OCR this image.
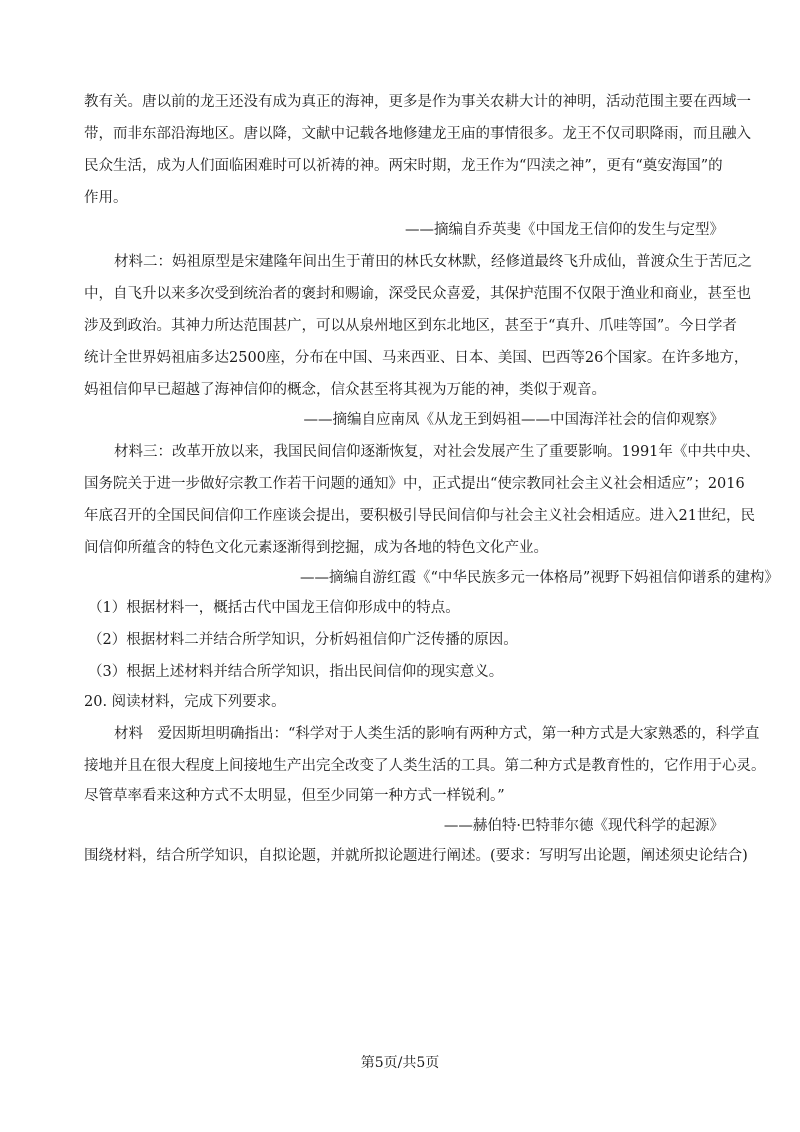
教有关。唐以前的龙王还没有成为真正的海神，更多是作为事关农耕大计的神明，活动范围主要在西域一
带，而非东部沿海地区。唐以降，文献中记载各地修建龙王庙的事情很多。龙王不仅司职降雨，而且融入
民众生活，成为人们面临困难时可以祈祷的神。两宋时期，龙王作为“四渎之神”，更有“奠安海国”的
作用。
——摘编自乔英斐《中国龙王信仰的发生与定型》
材料二：妈祖原型是宋建隆年间出生于莆田的林氏女林默，经修道最终飞升成仙，普渡众生于苦厄之
中，自飞升以来多次受到统治者的褒封和赐谕，深受民众喜爱，其保护范围不仅限于渔业和商业，甚至也
涉及到政治。其神力所达范围甚广，可以从泉州地区到东北地区，甚至于“真升、爪哇等国”。今日学者
统计全世界妈祖庙多达2500座，分布在中国、马来西亚、日本、美国、巴西等26个国家。在许多地方，
妈祖信仰早已超越了海神信仰的概念，信众甚至将其视为万能的神，类似于观音。
——摘编自应南凤《从龙王到妈祖——中国海洋社会的信仰观察》
材料三：改革开放以来，我国民间信仰逐渐恢复，对社会发展产生了重要影响。1991年《中共中央、
国务院关于进一步做好宗教工作若干问题的通知》中，正式提出“使宗教同社会主义社会相适应”；2016
年底召开的全国民间信仰工作座谈会提出，要积极引导民间信仰与社会主义社会相适应。进入21世纪，民
间信仰所蕴含的特色文化元素逐渐得到挖掘，成为各地的特色文化产业。
——摘编自游红霞《“中华民族多元一体格局”视野下妈祖信仰谱系的建构》
（1）根据材料一，概括古代中国龙王信仰形成中的特点。
（2）根据材料二并结合所学知识，分析妈祖信仰广泛传播的原因。
（3）根据上述材料并结合所学知识，指出民间信仰的现实意义。
20. 阅读材料，完成下列要求。
材料　爱因斯坦明确指出：“科学对于人类生活的影响有两种方式，第一种方式是大家熟悉的，科学直
接地并且在很大程度上间接地生产出完全改变了人类生活的工具。第二种方式是教育性的，它作用于心灵。
尽管草率看来这种方式不太明显，但至少同第一种方式一样锐利。”
——赫伯特·巴特菲尔德《现代科学的起源》
围绕材料，结合所学知识，自拟论题，并就所拟论题进行阐述。(要求：写明写出论题，阐述须史论结合)
第5页/共5页
